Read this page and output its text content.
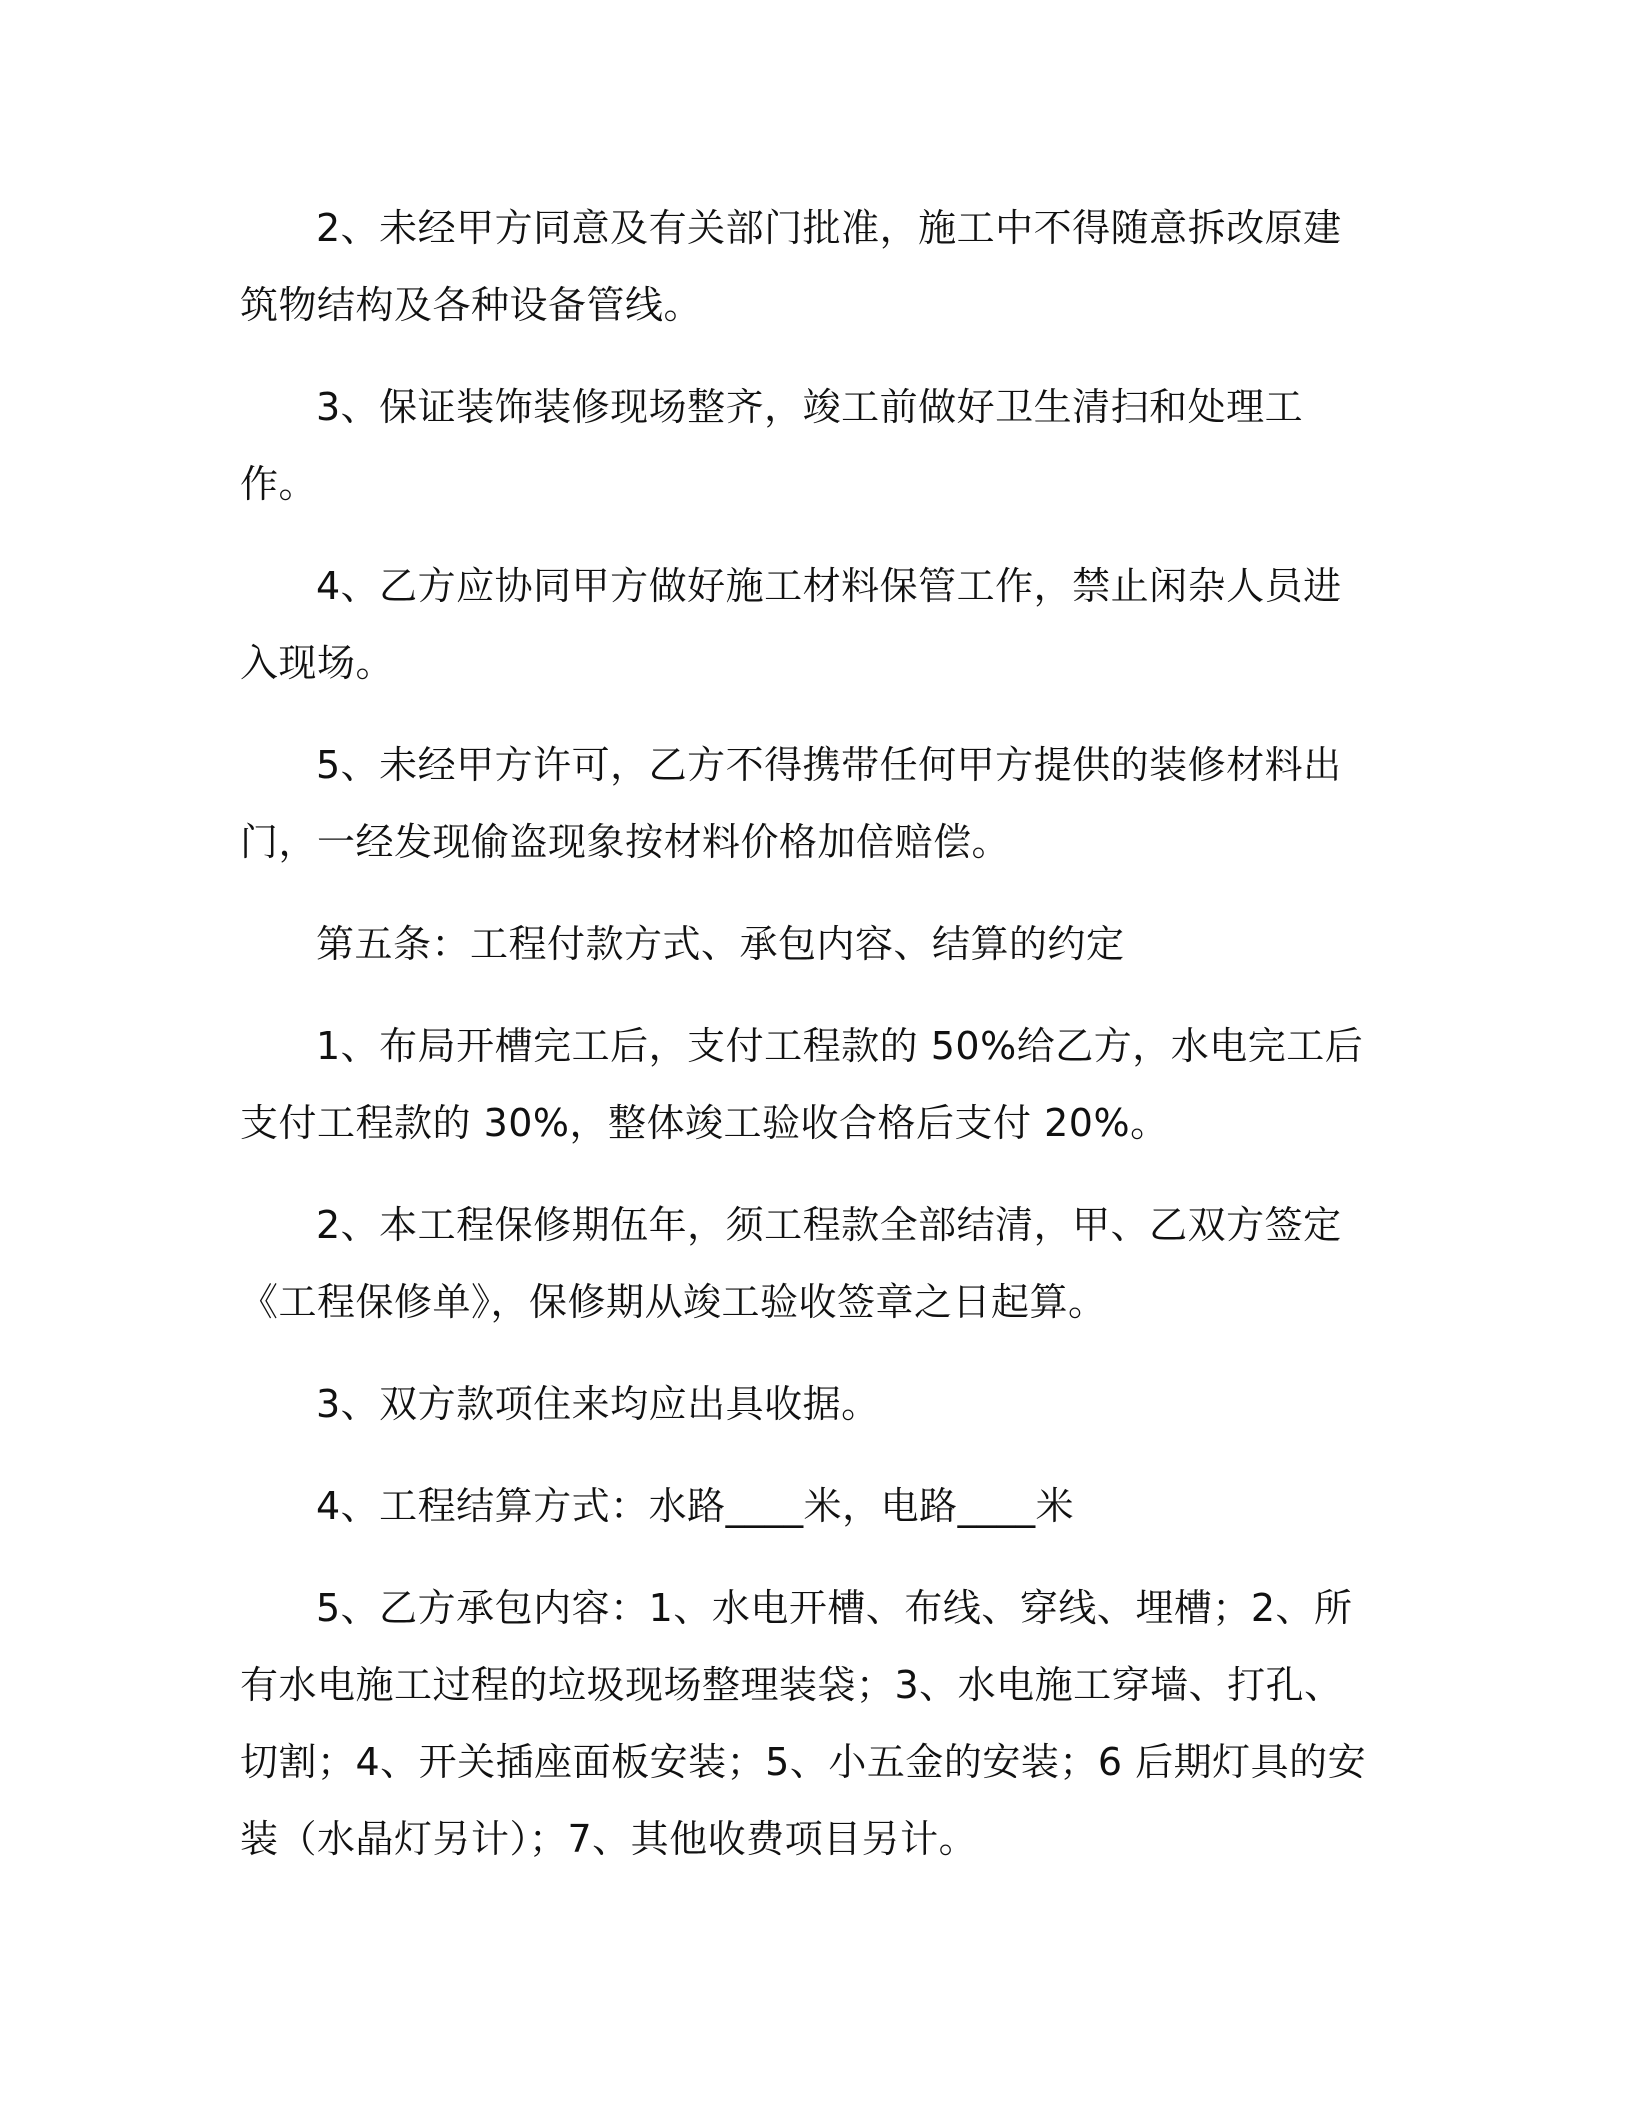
2、未经甲方同意及有关部门批准，施工中不得随意拆改原建筑物结构及各种设备管线。

3、保证装饰装修现场整齐，竣工前做好卫生清扫和处理工作。

4、乙方应协同甲方做好施工材料保管工作，禁止闲杂人员进入现场。

5、未经甲方许可，乙方不得携带任何甲方提供的装修材料出门，一经发现偷盗现象按材料价格加倍赔偿。

第五条：工程付款方式、承包内容、结算的约定

1、布局开槽完工后，支付工程款的 50%给乙方，水电完工后支付工程款的 30%，整体竣工验收合格后支付 20%。

2、本工程保修期伍年，须工程款全部结清，甲、乙双方签定《工程保修单》，保修期从竣工验收签章之日起算。

3、双方款项住来均应出具收据。

4、工程结算方式：水路____米，电路____米

5、乙方承包内容：1、水电开槽、布线、穿线、埋槽；2、所有水电施工过程的垃圾现场整理装袋；3、水电施工穿墙、打孔、切割；4、开关插座面板安装；5、小五金的安装；6 后期灯具的安装（水晶灯另计）；7、其他收费项目另计。
